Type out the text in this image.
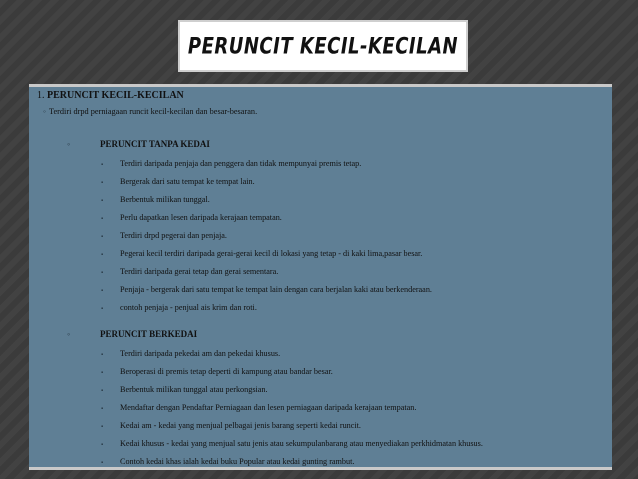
PERUNCIT KECIL-KECILAN
1. PERUNCIT KECIL-KECILAN
◦ Terdiri drpd perniagaan runcit kecil-kecilan dan besar-besaran.
◦	PERUNCIT TANPA KEDAI
▪ Terdiri daripada penjaja dan penggera dan tidak mempunyai premis tetap.
▪ Bergerak dari satu tempat ke tempat lain.
▪ Berbentuk milikan tunggal.
▪ Perlu dapatkan lesen daripada kerajaan tempatan.
▪ Terdiri drpd pegerai dan penjaja.
▪ Pegerai kecil terdiri daripada gerai-gerai kecil di lokasi yang tetap - di kaki lima,pasar besar.
▪ Terdiri daripada gerai tetap dan gerai sementara.
▪ Penjaja - bergerak dari satu tempat ke tempat lain dengan cara berjalan kaki atau berkenderaan.
▪ contoh penjaja - penjual ais krim dan roti.
◦	PERUNCIT BERKEDAI
▪ Terdiri daripada pekedai am dan pekedai khusus.
▪ Beroperasi di premis tetap deperti di kampung atau bandar besar.
▪ Berbentuk milikan tunggal atau perkongsian.
▪ Mendaftar dengan Pendaftar Perniagaan dan lesen perniagaan daripada kerajaan tempatan.
▪ Kedai am - kedai yang menjual pelbagai jenis barang seperti kedai runcit.
▪ Kedai khusus - kedai yang menjual satu jenis atau sekumpulanbarang atau menyediakan perkhidmatan khusus.
▪ Contoh kedai khas ialah kedai buku Popular atau kedai gunting rambut.
